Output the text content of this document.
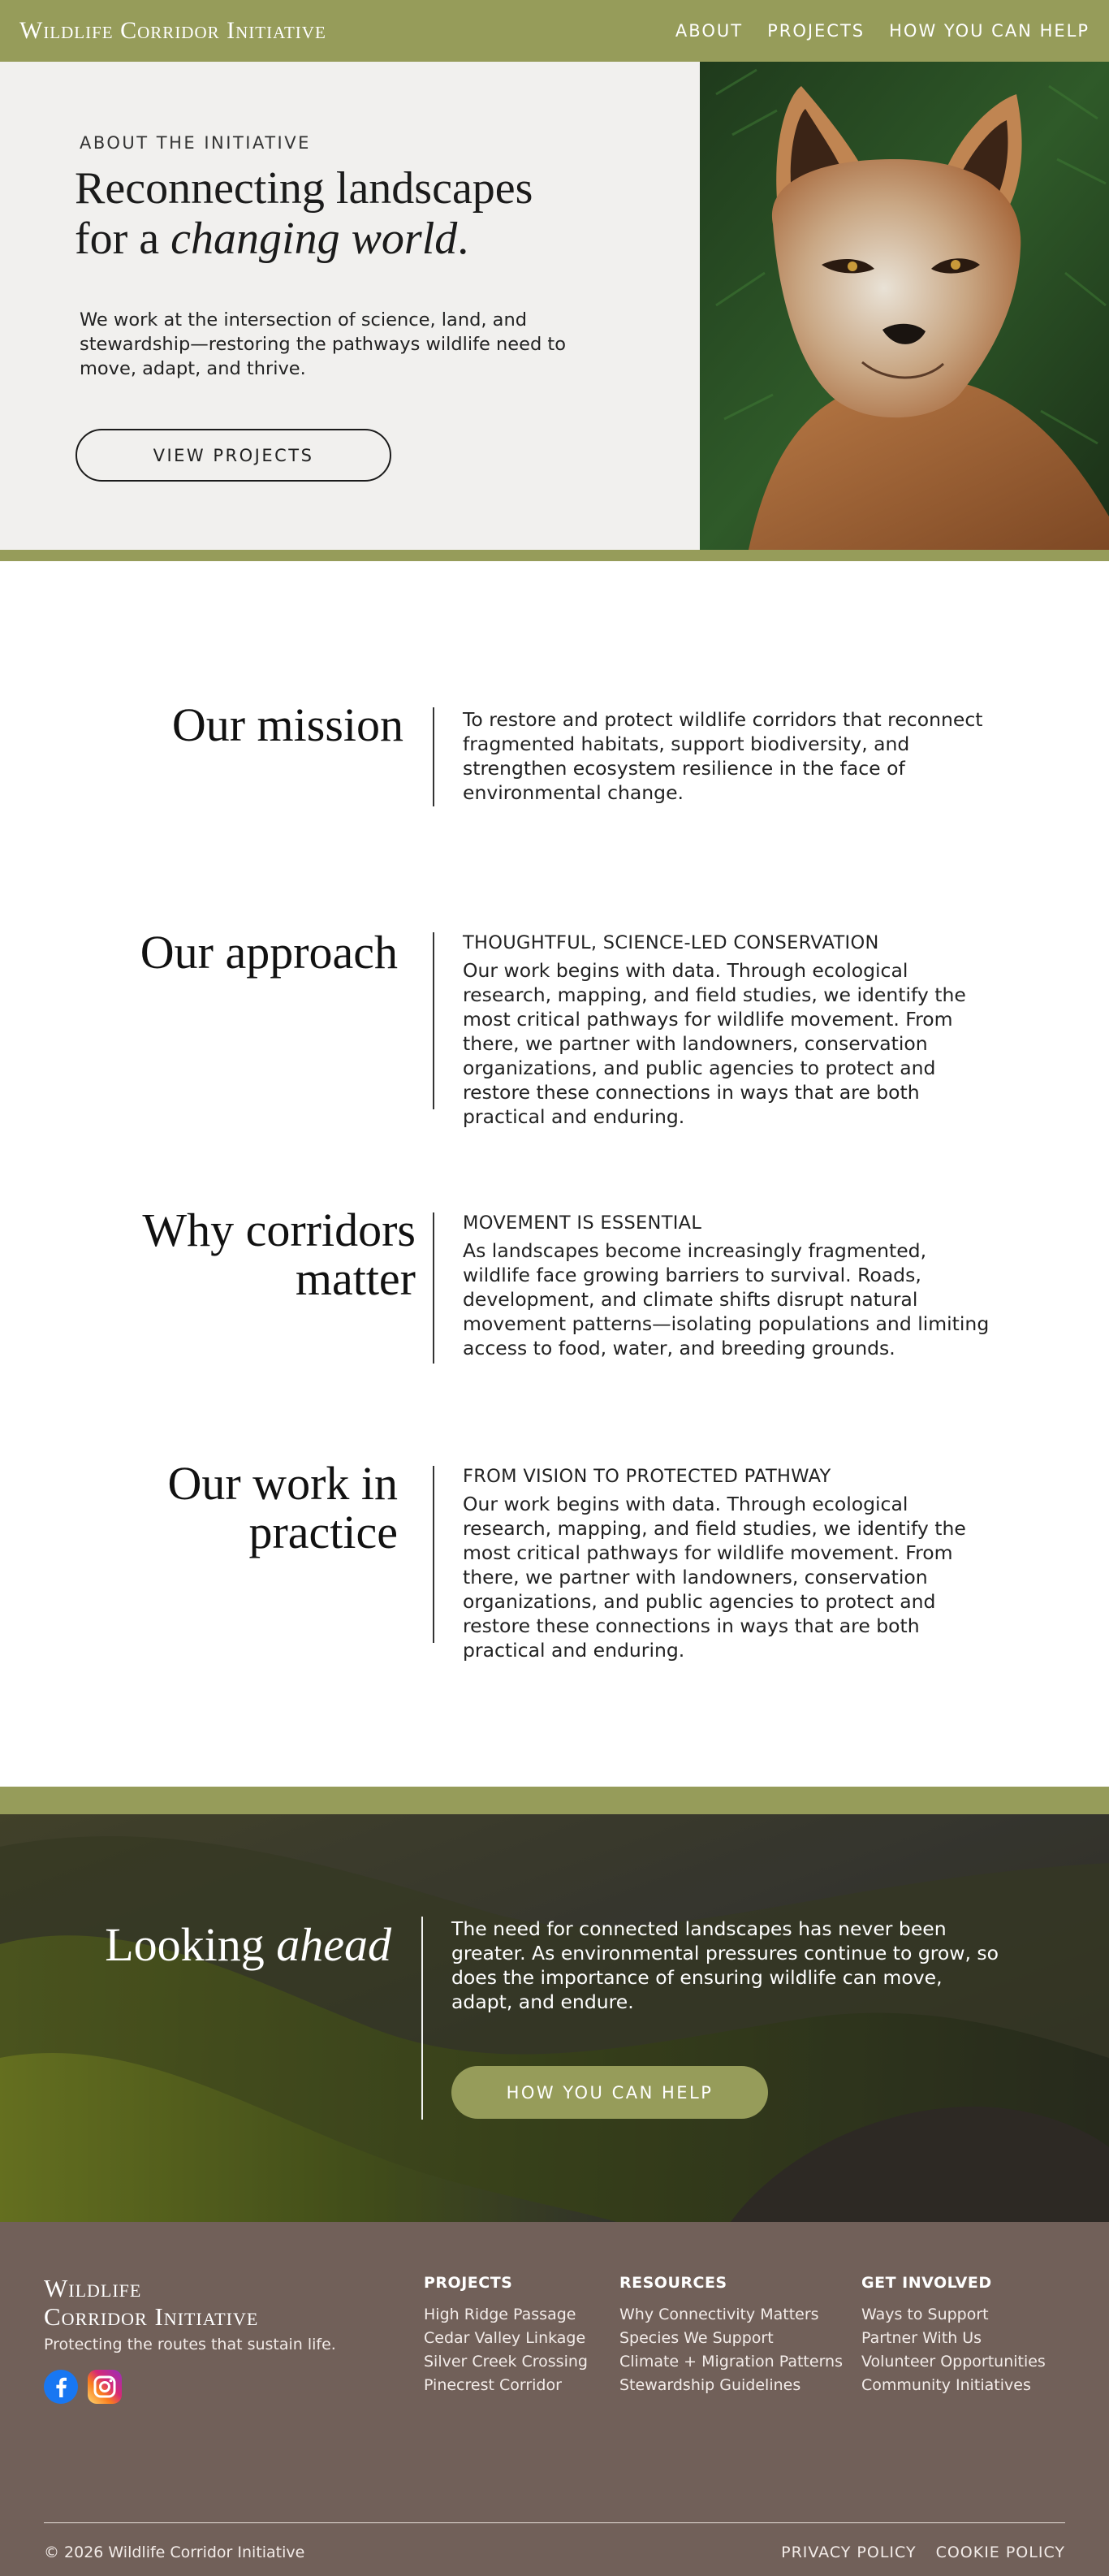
Wildlife Corridor Initiative	ABOUT PROJECTS HOW YOU CAN HELP
ABOUT THE INITIATIVE
Reconnecting landscapes
for a changing world.

We work at the intersection of science, land, and stewardship—restoring the pathways wildlife need to move, adapt, and thrive.

VIEW PROJECTS
Our mission	To restore and protect wildlife corridors that reconnect fragmented habitats, support biodiversity, and strengthen ecosystem resilience in the face of environmental change.

Our approach	THOUGHTFUL, SCIENCE-LED CONSERVATION

Our work begins with data. Through ecological research, mapping, and field studies, we identify the most critical pathways for wildlife movement. From there, we partner with landowners, conservation organizations, and public agencies to protect and restore these connections in ways that are both practical and enduring.

Why corridors
matter
MOVEMENT IS ESSENTIAL

As landscapes become increasingly fragmented, wildlife face growing barriers to survival. Roads, development, and climate shifts disrupt natural movement patterns—isolating populations and limiting access to food, water, and breeding grounds.

Our work in
practice
FROM VISION TO PROTECTED PATHWAY

Our work begins with data. Through ecological research, mapping, and field studies, we identify the most critical pathways for wildlife movement. From there, we partner with landowners, conservation organizations, and public agencies to protect and restore these connections in ways that are both practical and enduring.

Looking ahead	The need for connected landscapes has never been greater. As environmental pressures continue to grow, so does the importance of ensuring wildlife can move, adapt, and endure.

HOW YOU CAN HELP
Wildlife
Corridor Initiative
Protecting the routes that sustain life.
PROJECTS
High Ridge Passage
Cedar Valley Linkage
Silver Creek Crossing
Pinecrest Corridor
RESOURCES
Why Connectivity Matters
Species We Support
Climate + Migration Patterns
Stewardship Guidelines
GET INVOLVED
Ways to Support
Partner With Us
Volunteer Opportunities
Community Initiatives
© 2026 Wildlife Corridor Initiative	PRIVACY POLICY COOKIE POLICY
